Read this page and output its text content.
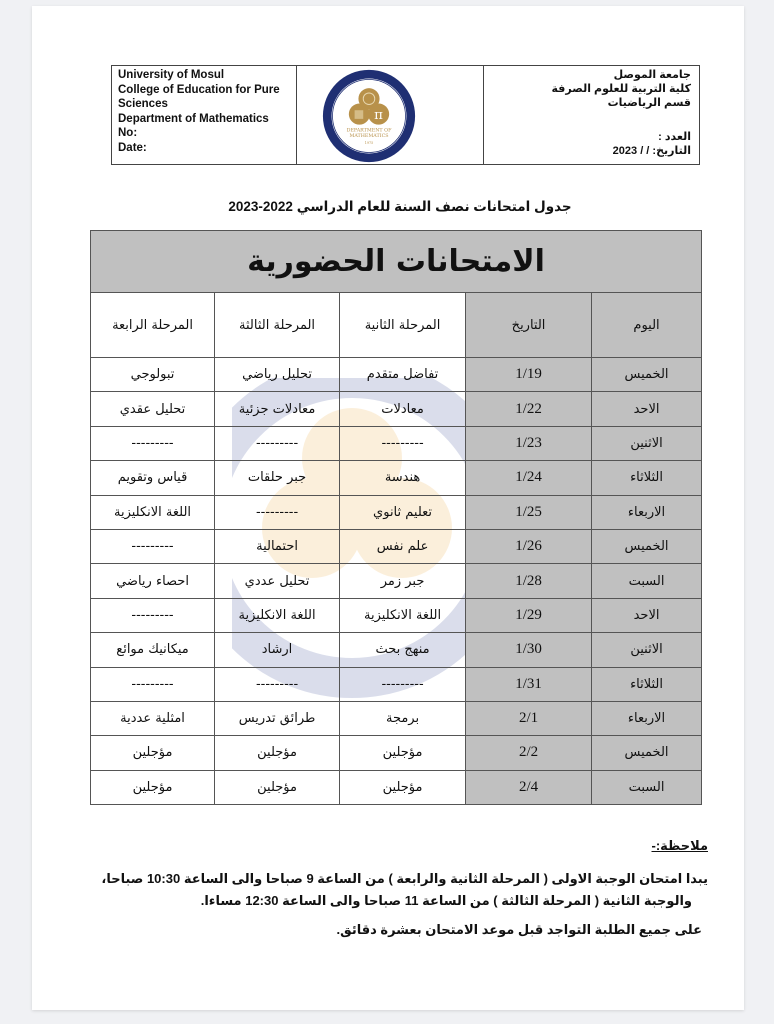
University of Mosul
College of Education for Pure
Sciences
Department of Mathematics
No:
Date:
π
DEPARTMENT OF
MATHEMATICS
1975
جامعة الموصل
كلية التربية للعلوم الصرفة
قسم الرياضيات
العدد :
التاريخ: / / 2023
جدول امتحانات نصف السنة للعام الدراسي 2022-2023
الامتحانات الحضورية				
اليوم	التاريخ	المرحلة الثانية	المرحلة الثالثة	المرحلة الرابعة
الخميس	1/19	تفاضل متقدم	تحليل رياضي	تبولوجي
الاحد	1/22	معادلات	معادلات جزئية	تحليل عقدي
الاثنين	1/23	---------	---------	---------
الثلاثاء	1/24	هندسة	جبر حلقات	قياس وتقويم
الاربعاء	1/25	تعليم ثانوي	---------	اللغة الانكليزية
الخميس	1/26	علم نفس	احتمالية	---------
السبت	1/28	جبر زمر	تحليل عددي	احصاء رياضي
الاحد	1/29	اللغة الانكليزية	اللغة الانكليزية	---------
الاثنين	1/30	منهج بحث	ارشاد	ميكانيك موائع
الثلاثاء	1/31	---------	---------	---------
الاربعاء	2/1	برمجة	طرائق تدريس	امثلية عددية
الخميس	2/2	مؤجلين	مؤجلين	مؤجلين
السبت	2/4	مؤجلين	مؤجلين	مؤجلين
ملاحظة:-
يبدا امتحان الوجبة الاولى ( المرحلة الثانية والرابعة ) من الساعة 9 صباحا والى الساعة 10:30 صباحا،
والوجبة الثانية ( المرحلة الثالثة ) من الساعة 11 صباحا والى الساعة 12:30 مساءا.
على جميع الطلبة التواجد قبل موعد الامتحان بعشرة دقائق.
